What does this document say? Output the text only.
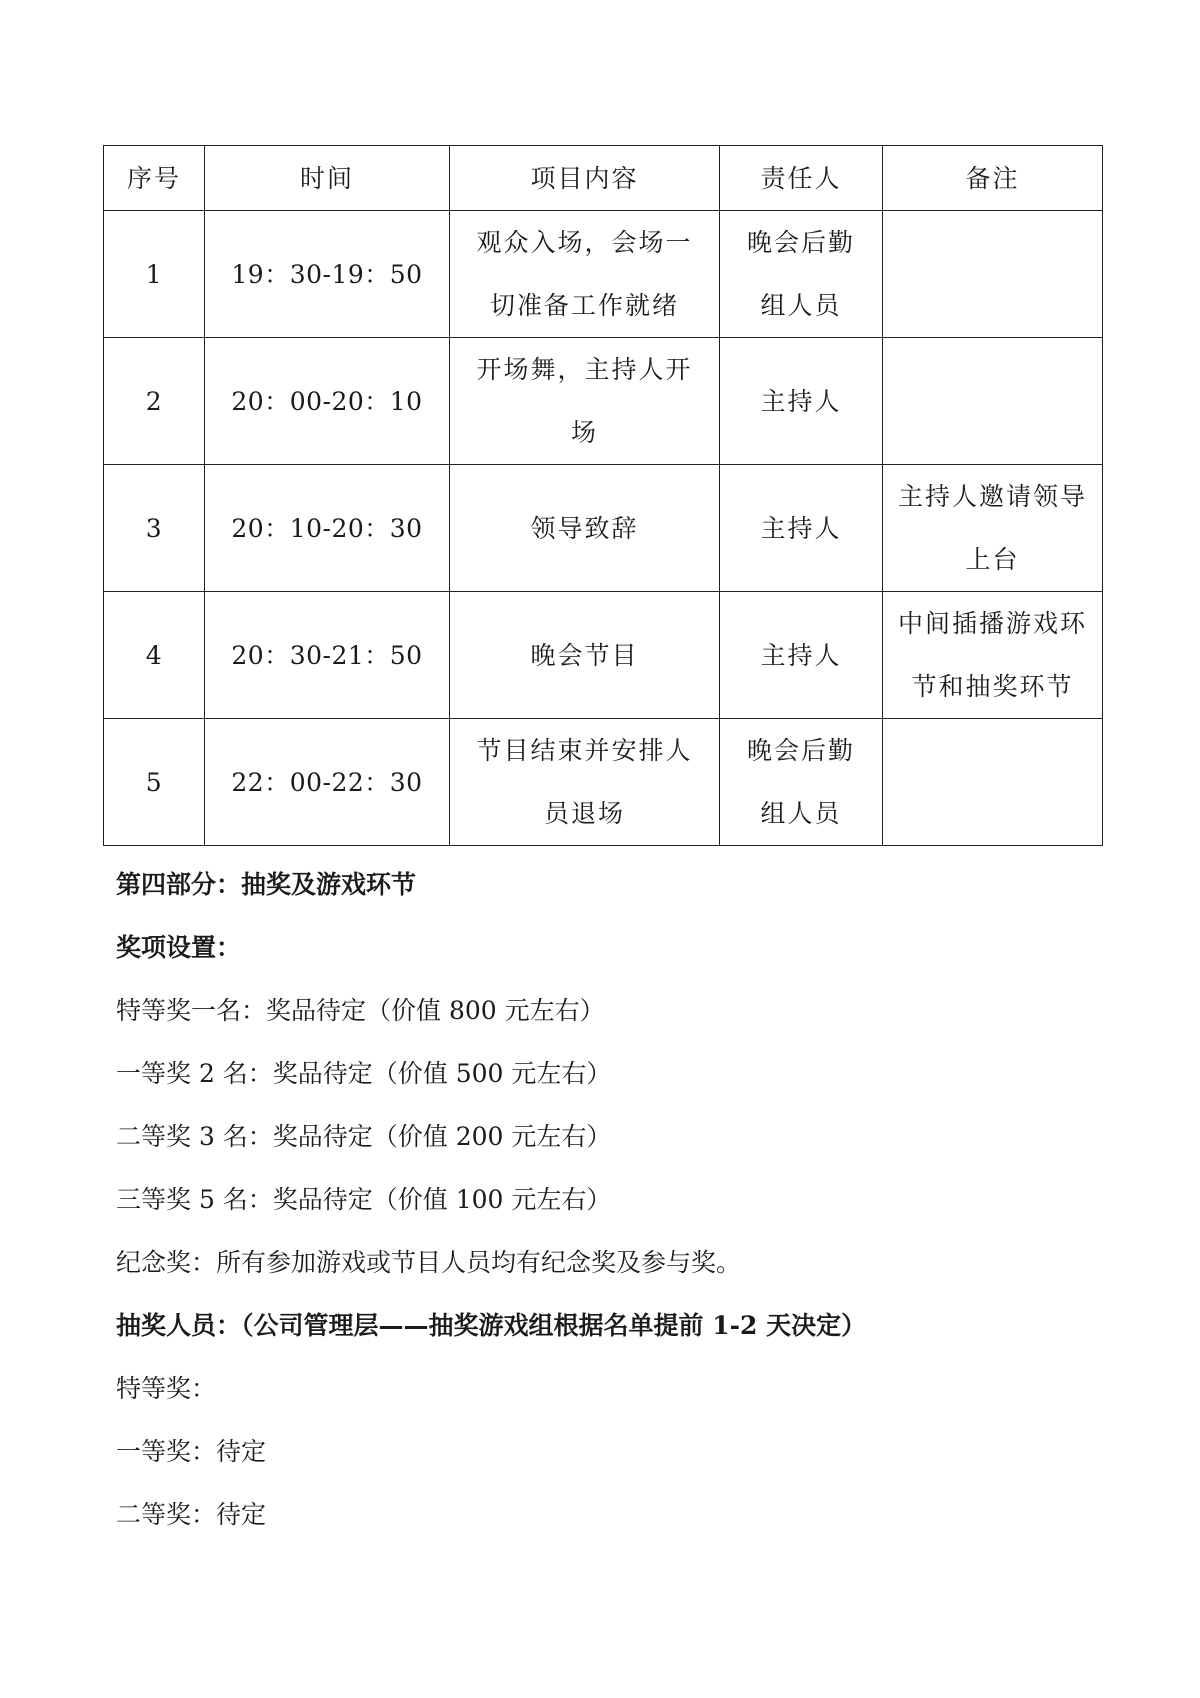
序号	时间	项目内容	责任人	备注
1	19：30-19：50	观众入场，会场一切准备工作就绪	晚会后勤组人员	
2	20：00-20：10	开场舞，主持人开场	主持人	
3	20：10-20：30	领导致辞	主持人	主持人邀请领导上台
4	20：30-21：50	晚会节目	主持人	中间插播游戏环节和抽奖环节
5	22：00-22：30	节目结束并安排人员退场	晚会后勤组人员	

第四部分：抽奖及游戏环节

奖项设置：

特等奖一名：奖品待定（价值 800 元左右）

一等奖 2 名：奖品待定（价值 500 元左右）

二等奖 3 名：奖品待定（价值 200 元左右）

三等奖 5 名：奖品待定（价值 100 元左右）

纪念奖：所有参加游戏或节目人员均有纪念奖及参与奖。

抽奖人员：（公司管理层——抽奖游戏组根据名单提前 1-2 天决定）

特等奖：

一等奖：待定

二等奖：待定
